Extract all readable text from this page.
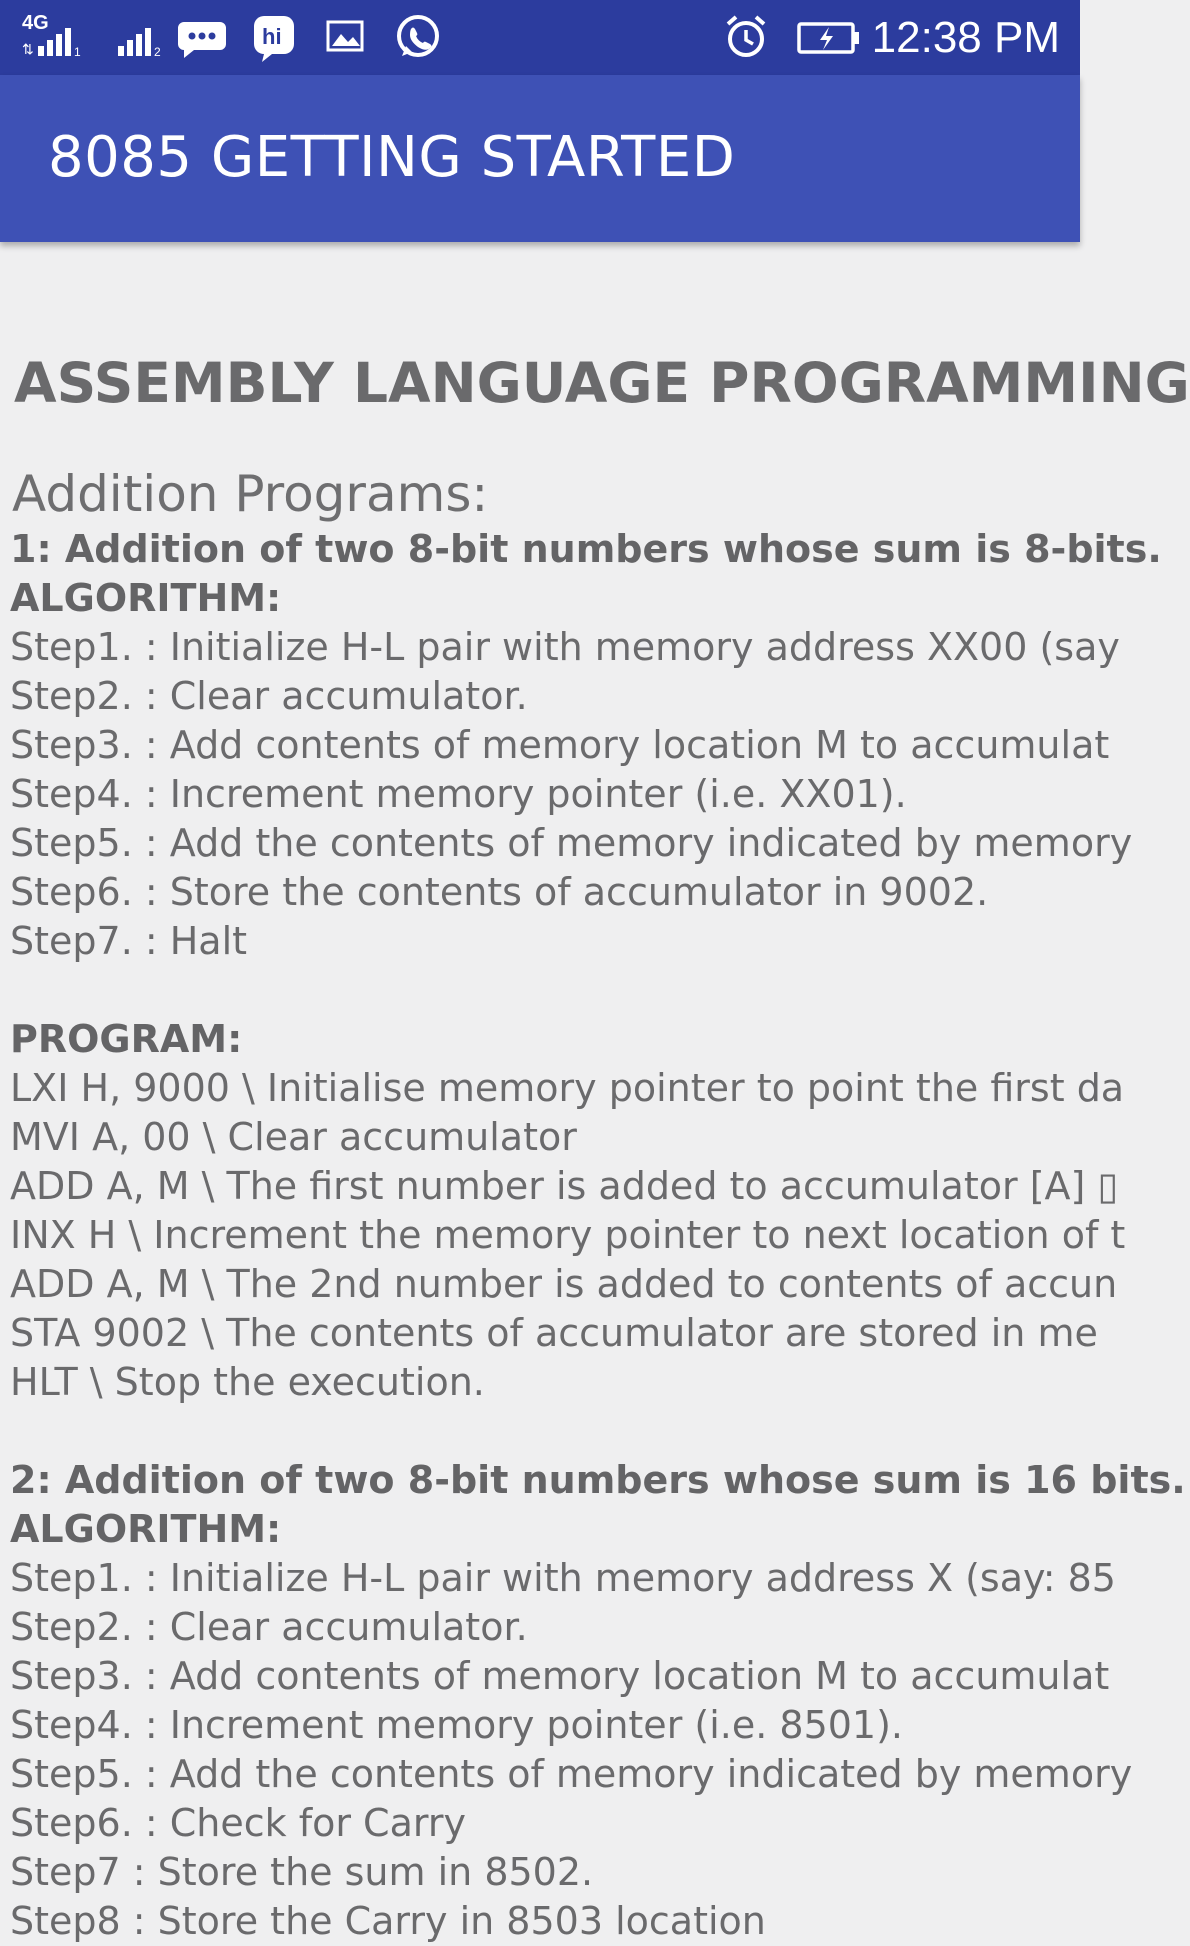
4G
⇅	1	2
hi	12:38 PM
8085 GETTING STARTED
ASSEMBLY LANGUAGE PROGRAMMING
Addition Programs:
1: Addition of two 8-bit numbers whose sum is 8-bits.
ALGORITHM:
Step1. : Initialize H-L pair with memory address XX00 (say
Step2. : Clear accumulator.
Step3. : Add contents of memory location M to accumulat
Step4. : Increment memory pointer (i.e. XX01).
Step5. : Add the contents of memory indicated by memory
Step6. : Store the contents of accumulator in 9002.
Step7. : Halt
PROGRAM:
LXI H, 9000 \ Initialise memory pointer to point the first da
MVI A, 00 \ Clear accumulator
ADD A, M \ The first number is added to accumulator [A] ▯
INX H \ Increment the memory pointer to next location of t
ADD A, M \ The 2nd number is added to contents of accun
STA 9002 \ The contents of accumulator are stored in me
HLT \ Stop the execution.
2: Addition of two 8-bit numbers whose sum is 16 bits.
ALGORITHM:
Step1. : Initialize H-L pair with memory address X (say: 85
Step2. : Clear accumulator.
Step3. : Add contents of memory location M to accumulat
Step4. : Increment memory pointer (i.e. 8501).
Step5. : Add the contents of memory indicated by memory
Step6. : Check for Carry
Step7 : Store the sum in 8502.
Step8 : Store the Carry in 8503 location
